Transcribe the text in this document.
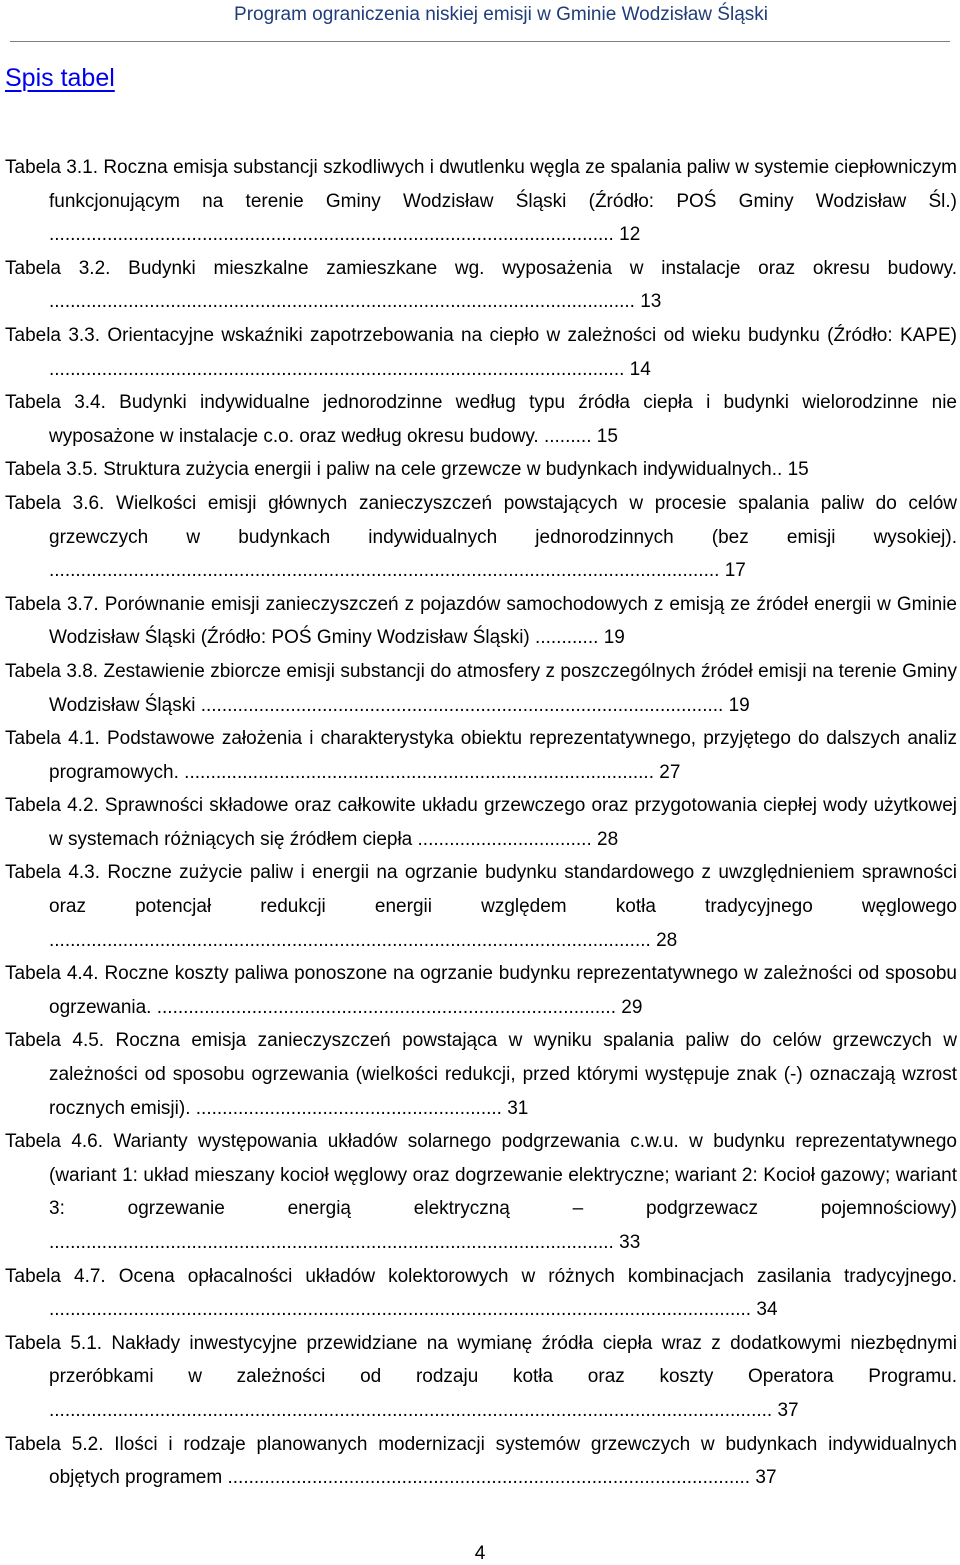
Program ograniczenia niskiej emisji w Gminie Wodzisław Śląski
Spis tabel
Tabela 3.1. Roczna emisja substancji szkodliwych i dwutlenku węgla ze spalania paliw w systemie ciepłowniczym funkcjonującym na terenie Gminy Wodzisław Śląski (Źródło: POŚ Gminy Wodzisław Śl.) ........................................................................................................... 12
Tabela 3.2. Budynki mieszkalne zamieszkane wg. wyposażenia w instalacje oraz okresu budowy. ............................................................................................................... 13
Tabela 3.3. Orientacyjne wskaźniki zapotrzebowania na ciepło w zależności od wieku budynku (Źródło: KAPE) ............................................................................................................. 14
Tabela 3.4. Budynki indywidualne jednorodzinne według typu źródła ciepła i budynki wielorodzinne nie wyposażone w instalacje c.o. oraz według okresu budowy. ......... 15
Tabela 3.5. Struktura zużycia energii i paliw na cele grzewcze w budynkach indywidualnych.. 15
Tabela 3.6. Wielkości emisji głównych zanieczyszczeń powstających w procesie spalania paliw do celów grzewczych w budynkach indywidualnych jednorodzinnych (bez emisji wysokiej). ............................................................................................................................... 17
Tabela 3.7. Porównanie emisji zanieczyszczeń z pojazdów samochodowych z emisją ze źródeł energii w Gminie Wodzisław Śląski (Źródło: POŚ Gminy Wodzisław Śląski) ............ 19
Tabela 3.8. Zestawienie zbiorcze emisji substancji do atmosfery z poszczególnych źródeł emisji na terenie Gminy Wodzisław Śląski ................................................................................................... 19
Tabela 4.1. Podstawowe założenia i charakterystyka obiektu reprezentatywnego, przyjętego do dalszych analiz programowych. ......................................................................................... 27
Tabela 4.2. Sprawności składowe oraz całkowite układu grzewczego oraz przygotowania ciepłej wody użytkowej w systemach różniących się źródłem ciepła ................................. 28
Tabela 4.3. Roczne zużycie paliw i energii na ogrzanie budynku standardowego z uwzględnieniem sprawności oraz potencjał redukcji energii względem kotła tradycyjnego węglowego .................................................................................................................. 28
Tabela 4.4. Roczne koszty paliwa ponoszone na ogrzanie budynku reprezentatywnego w zależności od sposobu ogrzewania. ....................................................................................... 29
Tabela 4.5. Roczna emisja zanieczyszczeń powstająca w wyniku spalania paliw do celów grzewczych w zależności od sposobu ogrzewania (wielkości redukcji, przed którymi występuje znak (-) oznaczają wzrost rocznych emisji). .......................................................... 31
Tabela 4.6. Warianty występowania układów solarnego podgrzewania c.w.u. w budynku reprezentatywnego (wariant 1: układ mieszany kocioł węglowy oraz dogrzewanie elektryczne; wariant 2: Kocioł gazowy; wariant 3: ogrzewanie energią elektryczną – podgrzewacz pojemnościowy) ........................................................................................................... 33
Tabela 4.7. Ocena opłacalności układów kolektorowych w różnych kombinacjach zasilania tradycyjnego. ..................................................................................................................................... 34
Tabela 5.1. Nakłady inwestycyjne przewidziane na wymianę źródła ciepła wraz z dodatkowymi niezbędnymi przeróbkami w zależności od rodzaju kotła oraz koszty Operatora Programu. ......................................................................................................................................... 37
Tabela 5.2. Ilości i rodzaje planowanych modernizacji systemów grzewczych w budynkach indywidualnych objętych programem ................................................................................................... 37
4
